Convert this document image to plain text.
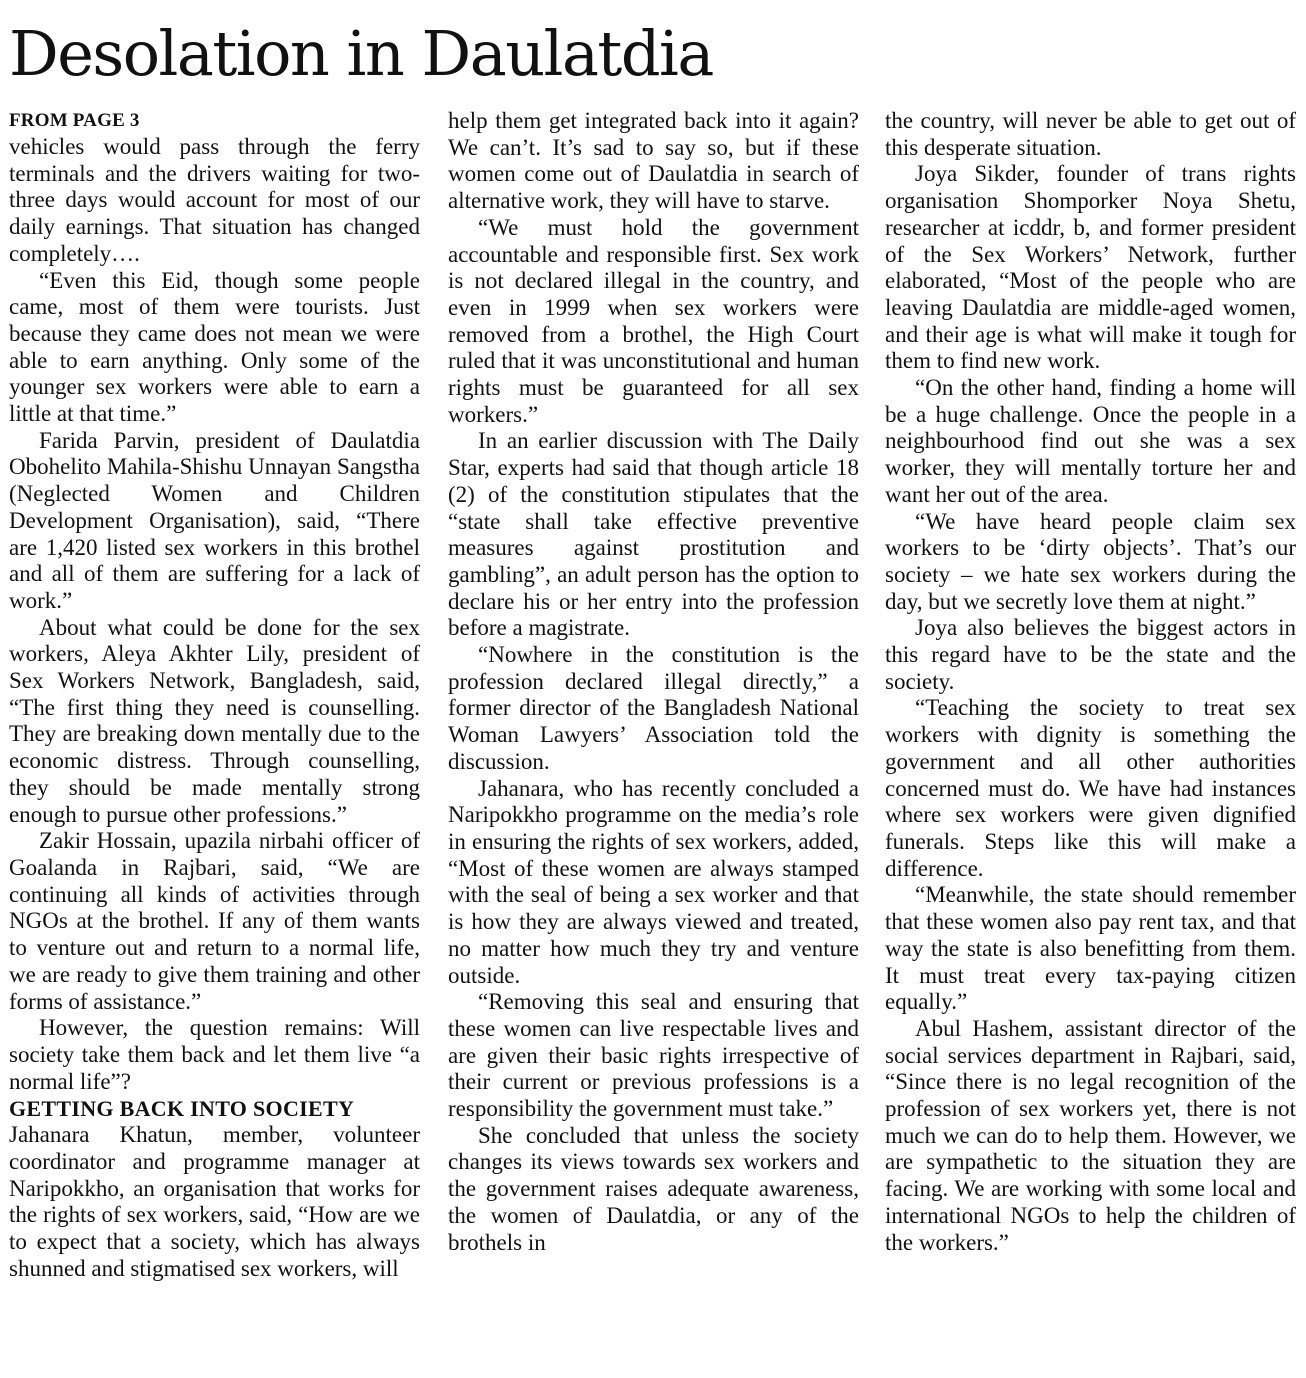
Desolation in Daulatdia
FROM PAGE 3

vehicles would pass through the ferry terminals and the drivers waiting for two-three days would account for most of our daily earnings. That situation has changed completely….

“Even this Eid, though some people came, most of them were tourists. Just because they came does not mean we were able to earn anything. Only some of the younger sex workers were able to earn a little at that time.”

Farida Parvin, president of Daulatdia Obohelito Mahila-Shishu Unnayan Sangstha (Neglected Women and Children Development Organisation), said, “There are 1,420 listed sex workers in this brothel and all of them are suffering for a lack of work.”

About what could be done for the sex workers, Aleya Akhter Lily, president of Sex Workers Network, Bangladesh, said, “The first thing they need is counselling. They are breaking down mentally due to the economic distress. Through counselling, they should be made mentally strong enough to pursue other professions.”

Zakir Hossain, upazila nirbahi officer of Goalanda in Rajbari, said, “We are continuing all kinds of activities through NGOs at the brothel. If any of them wants to venture out and return to a normal life, we are ready to give them training and other forms of assistance.”

However, the question remains: Will society take them back and let them live “a normal life”?

GETTING BACK INTO SOCIETY

Jahanara Khatun, member, volunteer coordinator and programme manager at Naripokkho, an organisation that works for the rights of sex workers, said, “How are we to expect that a society, which has always shunned and stigmatised sex workers, will

help them get integrated back into it again? We can’t. It’s sad to say so, but if these women come out of Daulatdia in search of alternative work, they will have to starve.

“We must hold the government accountable and responsible first. Sex work is not declared illegal in the country, and even in 1999 when sex workers were removed from a brothel, the High Court ruled that it was unconstitutional and human rights must be guaranteed for all sex workers.”

In an earlier discussion with The Daily Star, experts had said that though article 18 (2) of the constitution stipulates that the “state shall take effective preventive measures against prostitution and gambling”, an adult person has the option to declare his or her entry into the profession before a magistrate.

“Nowhere in the constitution is the profession declared illegal directly,” a former director of the Bangladesh National Woman Lawyers’ Association told the discussion.

Jahanara, who has recently concluded a Naripokkho programme on the media’s role in ensuring the rights of sex workers, added, “Most of these women are always stamped with the seal of being a sex worker and that is how they are always viewed and treated, no matter how much they try and venture outside.

“Removing this seal and ensuring that these women can live respectable lives and are given their basic rights irrespective of their current or previous professions is a responsibility the government must take.”

She concluded that unless the society changes its views towards sex workers and the government raises adequate awareness, the women of Daulatdia, or any of the brothels in

the country, will never be able to get out of this desperate situation.

Joya Sikder, founder of trans rights organisation Shomporker Noya Shetu, researcher at icddr, b, and former president of the Sex Workers’ Network, further elaborated, “Most of the people who are leaving Daulatdia are middle-aged women, and their age is what will make it tough for them to find new work.

“On the other hand, finding a home will be a huge challenge. Once the people in a neighbourhood find out she was a sex worker, they will mentally torture her and want her out of the area.

“We have heard people claim sex workers to be ‘dirty objects’. That’s our society – we hate sex workers during the day, but we secretly love them at night.”

Joya also believes the biggest actors in this regard have to be the state and the society.

“Teaching the society to treat sex workers with dignity is something the government and all other authorities concerned must do. We have had instances where sex workers were given dignified funerals. Steps like this will make a difference.

“Meanwhile, the state should remember that these women also pay rent tax, and that way the state is also benefitting from them. It must treat every tax-paying citizen equally.”

Abul Hashem, assistant director of the social services department in Rajbari, said, “Since there is no legal recognition of the profession of sex workers yet, there is not much we can do to help them. However, we are sympathetic to the situation they are facing. We are working with some local and international NGOs to help the children of the workers.”
